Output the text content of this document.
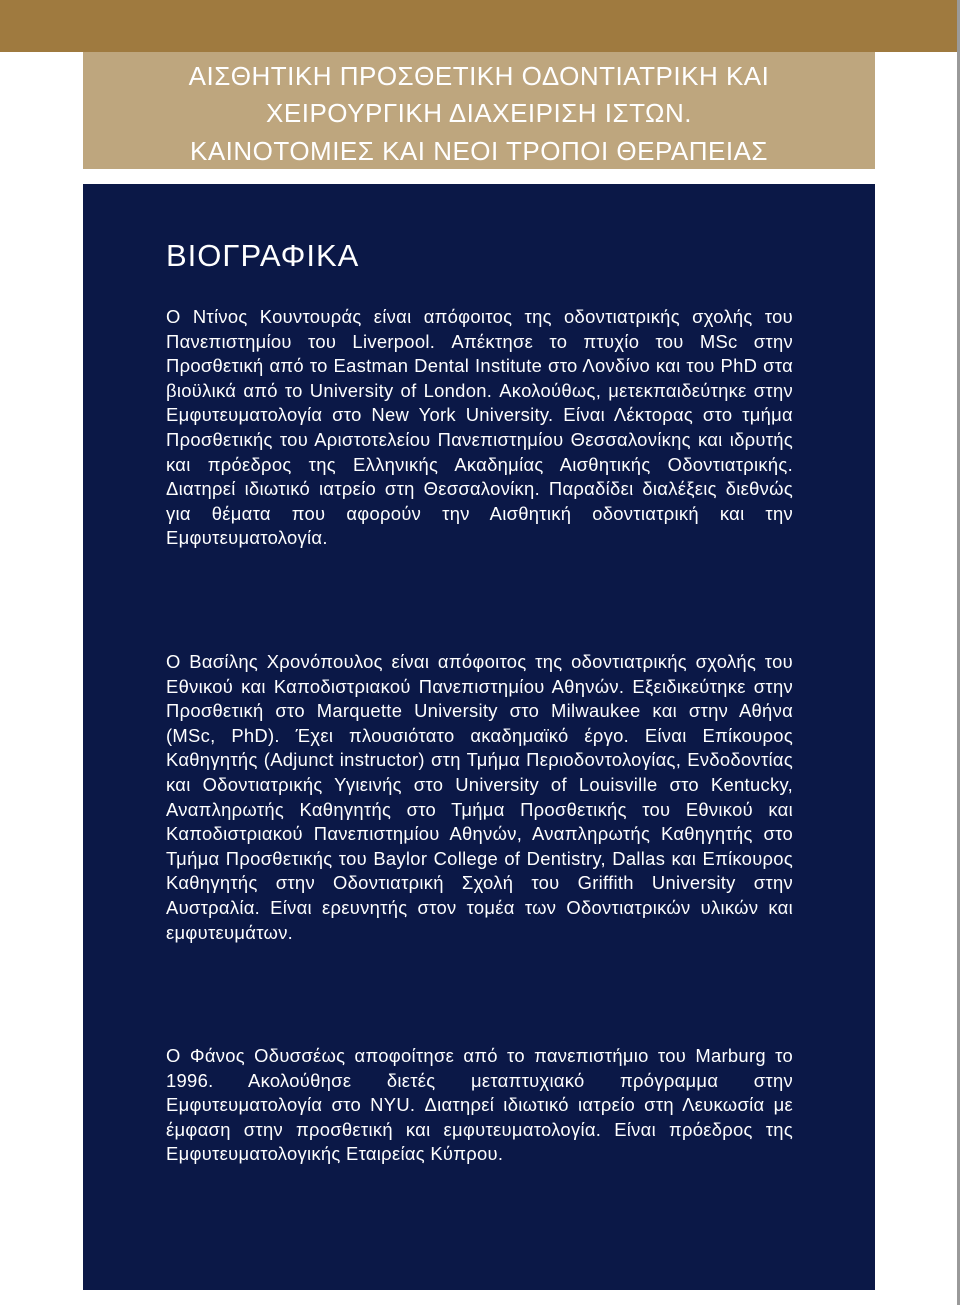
ΑΙΣΘΗΤΙΚΗ ΠΡΟΣΘΕΤΙΚΗ ΟΔΟΝΤΙΑΤΡΙΚΗ ΚΑΙ
ΧΕΙΡΟΥΡΓΙΚΗ ΔΙΑΧΕΙΡΙΣΗ ΙΣΤΩΝ.
ΚΑΙΝΟΤΟΜΙΕΣ ΚΑΙ ΝΕΟΙ ΤΡΟΠΟΙ ΘΕΡΑΠΕΙΑΣ
ΒΙΟΓΡΑΦΙΚΑ

Ο Ντίνος Κουντουράς είναι απόφοιτος της οδοντιατρικής σχολής του Πανεπιστημίου του Liverpool. Απέκτησε το πτυχίο του MSc στην Προσθετική από το Eastman Dental Institute στο Λονδίνο και του PhD στα βιοϋλικά από το University of London. Ακολούθως, μετεκπαιδεύτηκε στην Εμφυτευματολογία στο New York University. Είναι Λέκτορας στο τμήμα Προσθετικής του Αριστοτελείου Πανεπιστημίου Θεσσαλονίκης και ιδρυτής και πρόεδρος της Ελληνικής Ακαδημίας Αισθητικής Οδοντιατρικής. Διατηρεί ιδιωτικό ιατρείο στη Θεσσαλονίκη. Παραδίδει διαλέξεις διεθνώς για θέματα που αφορούν την Αισθητική οδοντιατρική και την Εμφυτευματολογία.

Ο Βασίλης Χρονόπουλος είναι απόφοιτος της οδοντιατρικής σχολής του Εθνικού και Καποδιστριακού Πανεπιστημίου Αθηνών. Εξειδικεύτηκε στην Προσθετική στο Marquette University στο Milwaukee και στην Αθήνα (MSc, PhD). Έχει πλουσιότατο ακαδημαϊκό έργο. Είναι Επίκουρος Καθηγητής (Adjunct instructor) στη Τμήμα Περιοδοντολογίας, Ενδοδοντίας και Οδοντιατρικής Υγιεινής στο University of Louisville στο Kentucky, Αναπληρωτής Καθηγητής στο Τμήμα Προσθετικής του Εθνικού και Καποδιστριακού Πανεπιστημίου Αθηνών, Αναπληρωτής Καθηγητής στο Τμήμα Προσθετικής του Baylor College of Dentistry, Dallas και Επίκουρος Καθηγητής στην Οδοντιατρική Σχολή του Griffith University στην Αυστραλία. Είναι ερευνητής στον τομέα των Οδοντιατρικών υλικών και εμφυτευμάτων.

Ο Φάνος Οδυσσέως αποφοίτησε από το πανεπιστήμιο του Marburg το 1996. Ακολούθησε διετές μεταπτυχιακό πρόγραμμα στην Εμφυτευματολογία στο NYU. Διατηρεί ιδιωτικό ιατρείο στη Λευκωσία με έμφαση στην προσθετική και εμφυτευματολογία. Είναι πρόεδρος της Εμφυτευματολογικής Εταιρείας Κύπρου.
